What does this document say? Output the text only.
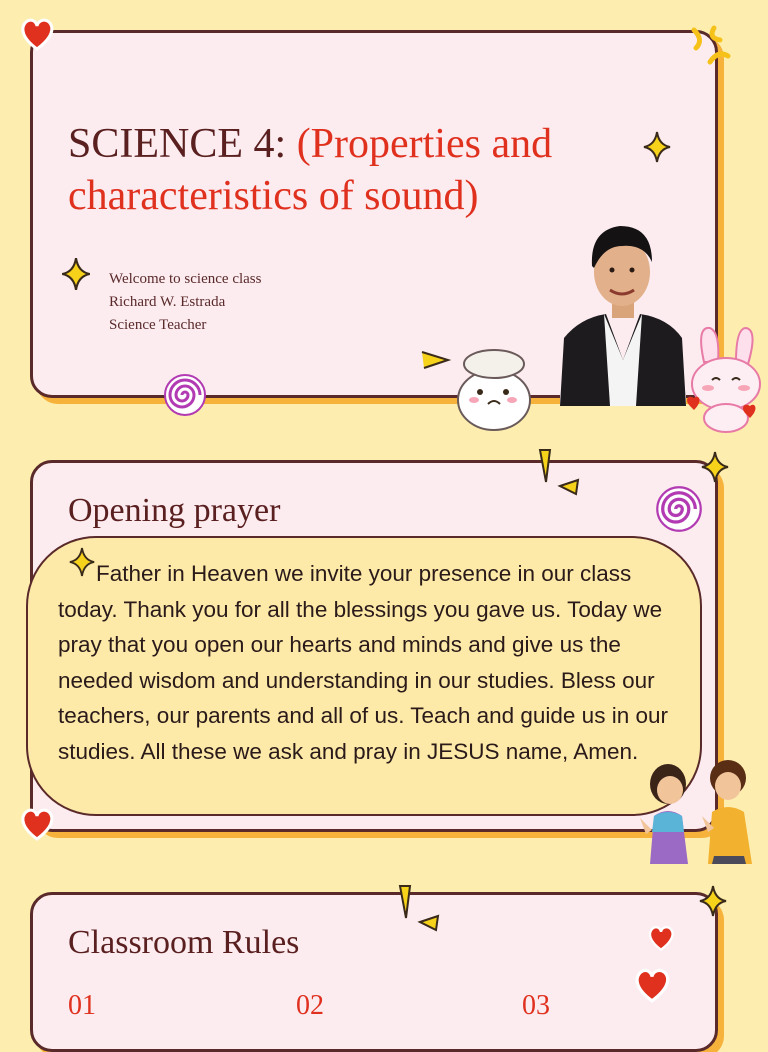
SCIENCE 4: (Properties and characteristics of sound)
Welcome to science class
Richard W. Estrada
Science Teacher
Opening prayer
Father in Heaven we invite your presence in our class today. Thank you for all the blessings you gave us. Today we pray that you open our hearts and minds and give us the needed wisdom and understanding in our studies. Bless our teachers, our parents and all of us. Teach and guide us in our studies. All these we ask and pray in JESUS name, Amen.
Classroom Rules
01	02	03
